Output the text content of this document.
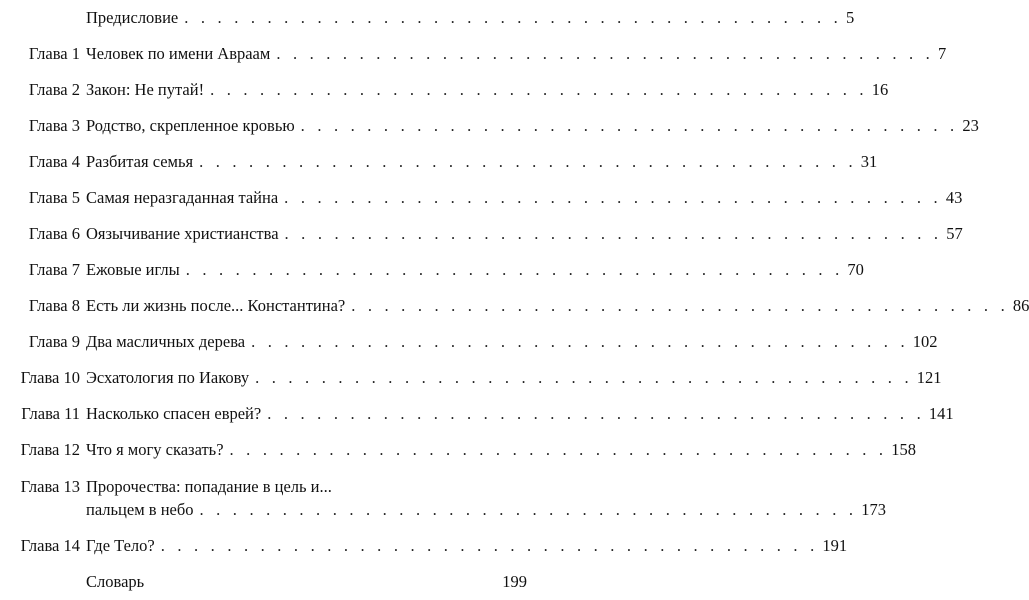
Предисловие . . . . . . . . . . . . . . . . . . . . . . . . . . . . . . . . . . . . . . . . 5
Глава 1 Человек по имени Авраам . . . . . . . . . . . . . . . . . . . . . . . . . . . . . . . . . . . . . . . . 7
Глава 2 Закон: Не путай! . . . . . . . . . . . . . . . . . . . . . . . . . . . . . . . . . . . . . . . . 16
Глава 3 Родство, скрепленное кровью . . . . . . . . . . . . . . . . . . . . . . . . . . . . . . . . . . . . . . . . 23
Глава 4 Разбитая семья . . . . . . . . . . . . . . . . . . . . . . . . . . . . . . . . . . . . . . . . 31
Глава 5 Самая неразгаданная тайна . . . . . . . . . . . . . . . . . . . . . . . . . . . . . . . . . . . . . . . . 43
Глава 6 Оязычивание христианства . . . . . . . . . . . . . . . . . . . . . . . . . . . . . . . . . . . . . . . . 57
Глава 7 Ежовые иглы . . . . . . . . . . . . . . . . . . . . . . . . . . . . . . . . . . . . . . . . 70
Глава 8 Есть ли жизнь после... Константина? . . . . . . . . . . . . . . . . . . . . . . . . . . . . . . . . . . . . . . . . 86
Глава 9 Два масличных дерева . . . . . . . . . . . . . . . . . . . . . . . . . . . . . . . . . . . . . . . . 102
Глава 10 Эсхатология по Иакову . . . . . . . . . . . . . . . . . . . . . . . . . . . . . . . . . . . . . . . . 121
Глава 11 Насколько спасен еврей? . . . . . . . . . . . . . . . . . . . . . . . . . . . . . . . . . . . . . . . . 141
Глава 12 Что я могу сказать? . . . . . . . . . . . . . . . . . . . . . . . . . . . . . . . . . . . . . . . . 158
Глава 13 Пророчества: попадание в цель и...
пальцем в небо . . . . . . . . . . . . . . . . . . . . . . . . . . . . . . . . . . . . . . . . 173
Глава 14 Где Тело? . . . . . . . . . . . . . . . . . . . . . . . . . . . . . . . . . . . . . . . . 191
Словарь	199
